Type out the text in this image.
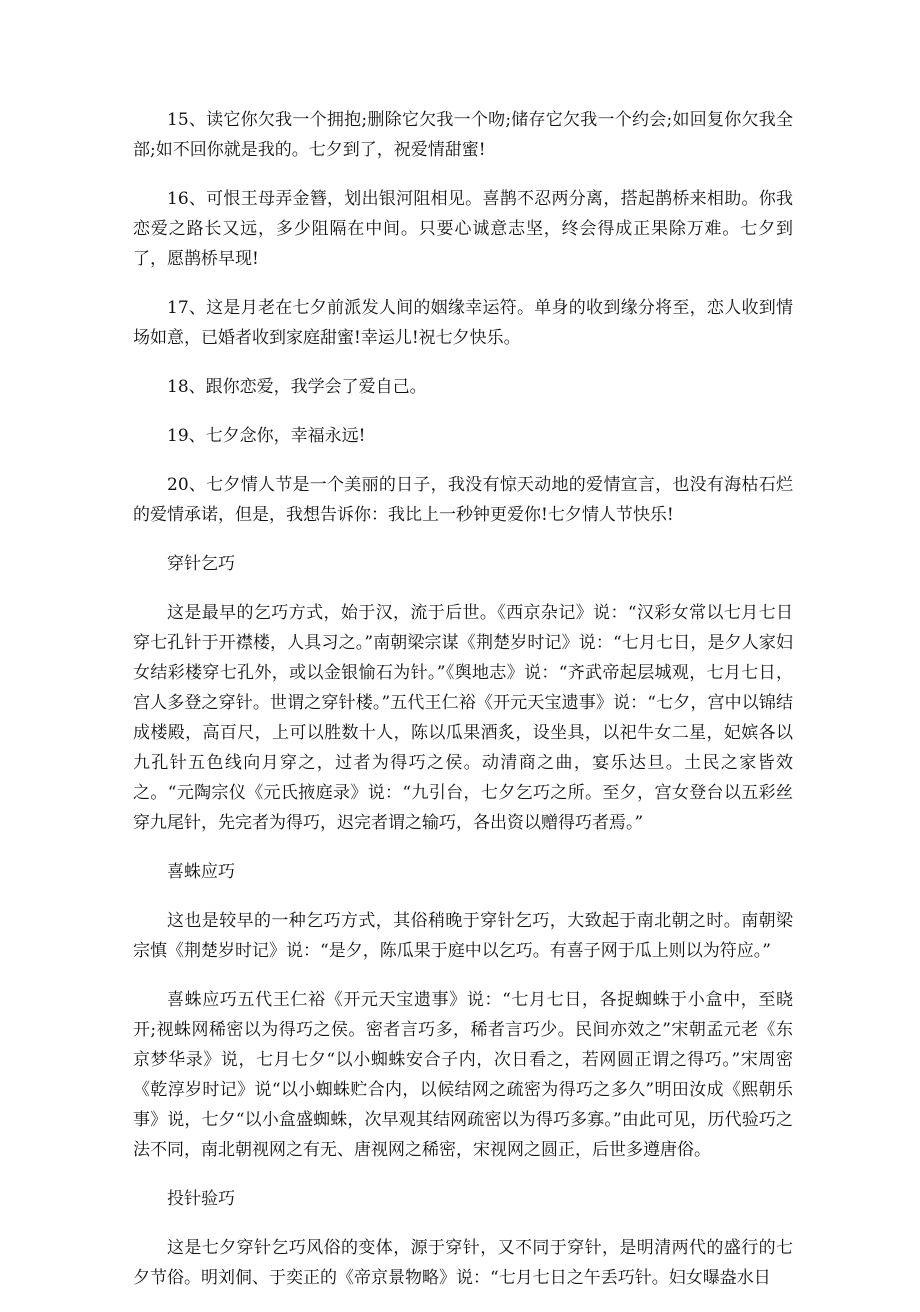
15、读它你欠我一个拥抱;删除它欠我一个吻;储存它欠我一个约会;如回复你欠我全部;如不回你就是我的。七夕到了，祝爱情甜蜜!

16、可恨王母弄金簪，划出银河阻相见。喜鹊不忍两分离，搭起鹊桥来相助。你我恋爱之路长又远，多少阻隔在中间。只要心诚意志坚，终会得成正果除万难。七夕到了，愿鹊桥早现!

17、这是月老在七夕前派发人间的姻缘幸运符。单身的收到缘分将至，恋人收到情场如意，已婚者收到家庭甜蜜!幸运儿!祝七夕快乐。

18、跟你恋爱，我学会了爱自己。

19、七夕念你，幸福永远!

20、七夕情人节是一个美丽的日子，我没有惊天动地的爱情宣言，也没有海枯石烂的爱情承诺，但是，我想告诉你：我比上一秒钟更爱你!七夕情人节快乐!

穿针乞巧

这是最早的乞巧方式，始于汉，流于后世。《西京杂记》说：“汉彩女常以七月七日穿七孔针于开襟楼，人具习之。”南朝梁宗谋《荆楚岁时记》说：“七月七日，是夕人家妇女结彩楼穿七孔外，或以金银愉石为针。”《舆地志》说：“齐武帝起层城观，七月七日，宫人多登之穿针。世谓之穿针楼。”五代王仁裕《开元天宝遗事》说：“七夕，宫中以锦结成楼殿，高百尺，上可以胜数十人，陈以瓜果酒炙，设坐具，以祀牛女二星，妃嫔各以九孔针五色线向月穿之，过者为得巧之侯。动清商之曲，宴乐达旦。土民之家皆效之。“元陶宗仪《元氏掖庭录》说：“九引台，七夕乞巧之所。至夕，宫女登台以五彩丝穿九尾针，先完者为得巧，迟完者谓之输巧，各出资以赠得巧者焉。”

喜蛛应巧

这也是较早的一种乞巧方式，其俗稍晚于穿针乞巧，大致起于南北朝之时。南朝梁宗慎《荆楚岁时记》说：“是夕，陈瓜果于庭中以乞巧。有喜子网于瓜上则以为符应。”

喜蛛应巧五代王仁裕《开元天宝遗事》说：“七月七日，各捉蜘蛛于小盒中，至晓开;视蛛网稀密以为得巧之侯。密者言巧多，稀者言巧少。民间亦效之”宋朝孟元老《东京梦华录》说，七月七夕“以小蜘蛛安合子内，次日看之，若网圆正谓之得巧。”宋周密《乾淳岁时记》说“以小蜘蛛贮合内，以候结网之疏密为得巧之多久”明田汝成《熙朝乐事》说，七夕“以小盒盛蜘蛛，次早观其结网疏密以为得巧多寡。”由此可见，历代验巧之法不同，南北朝视网之有无、唐视网之稀密，宋视网之圆正，后世多遵唐俗。

投针验巧

这是七夕穿针乞巧风俗的变体，源于穿针，又不同于穿针，是明清两代的盛行的七夕节俗。明刘侗、于奕正的《帝京景物略》说：“七月七日之午丢巧针。妇女曝盎水日
